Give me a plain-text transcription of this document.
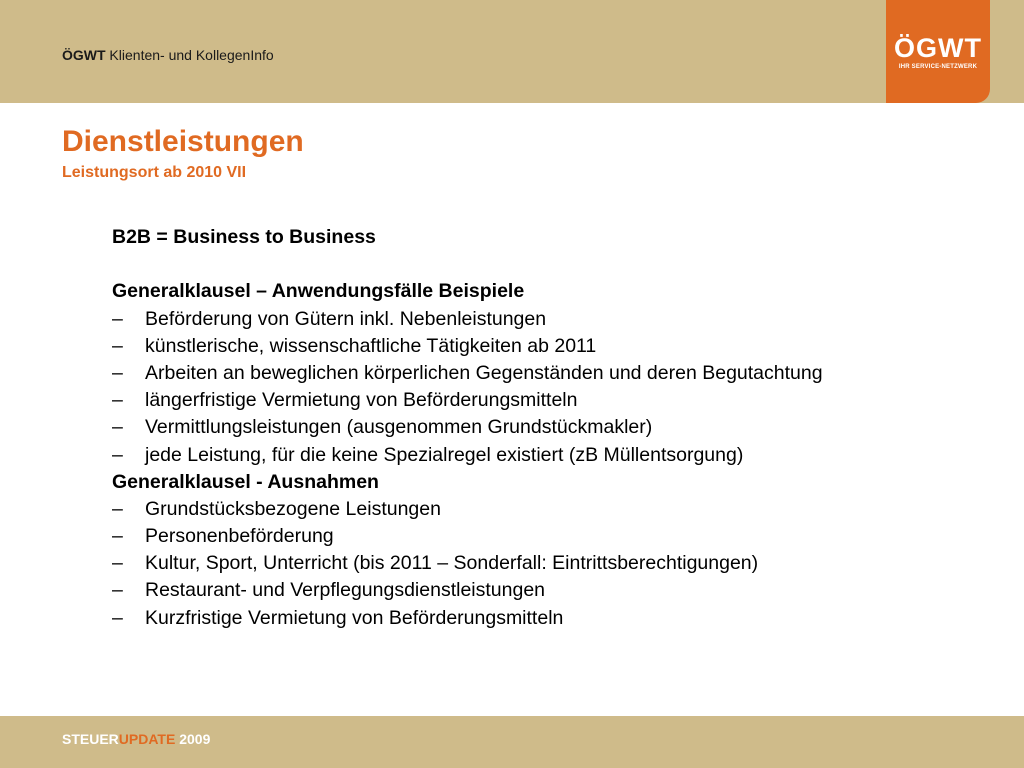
ÖGWT Klienten- und KollegenInfo	ÖGWT
IHR SERVICE-NETZWERK
Dienstleistungen
Leistungsort ab 2010 VII
B2B = Business to Business
Generalklausel – Anwendungsfälle Beispiele
– Beförderung von Gütern inkl. Nebenleistungen
– künstlerische, wissenschaftliche Tätigkeiten ab 2011
– Arbeiten an beweglichen körperlichen Gegenständen und deren Begutachtung
– längerfristige Vermietung von Beförderungsmitteln
– Vermittlungsleistungen (ausgenommen Grundstückmakler)
– jede Leistung, für die keine Spezialregel existiert (zB Müllentsorgung)
Generalklausel - Ausnahmen
– Grundstücksbezogene Leistungen
– Personenbeförderung
– Kultur, Sport, Unterricht (bis 2011 – Sonderfall: Eintrittsberechtigungen)
– Restaurant- und Verpflegungsdienstleistungen
– Kurzfristige Vermietung von Beförderungsmitteln
STEUERUPDATE 2009
